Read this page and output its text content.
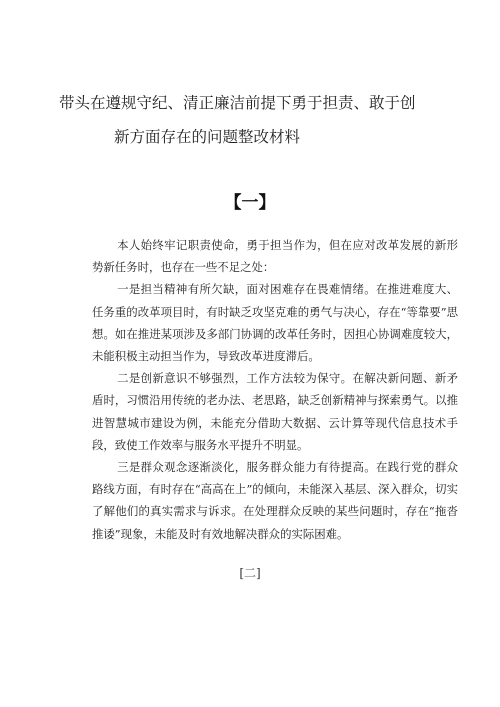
带头在遵规守纪、清正廉洁前提下勇于担责、敢于创
新方面存在的问题整改材料
【一】

本人始终牢记职责使命，勇于担当作为，但在应对改革发展的新形势新任务时，也存在一些不足之处：

一是担当精神有所欠缺，面对困难存在畏难情绪。在推进难度大、任务重的改革项目时，有时缺乏攻坚克难的勇气与决心，存在“等靠要”思想。如在推进某项涉及多部门协调的改革任务时，因担心协调难度较大，未能积极主动担当作为，导致改革进度滞后。

二是创新意识不够强烈，工作方法较为保守。在解决新问题、新矛盾时，习惯沿用传统的老办法、老思路，缺乏创新精神与探索勇气。以推进智慧城市建设为例，未能充分借助大数据、云计算等现代信息技术手段，致使工作效率与服务水平提升不明显。

三是群众观念逐渐淡化，服务群众能力有待提高。在践行党的群众路线方面，有时存在“高高在上”的倾向，未能深入基层、深入群众，切实了解他们的真实需求与诉求。在处理群众反映的某些问题时，存在“拖沓推诿”现象，未能及时有效地解决群众的实际困难。

[二]
